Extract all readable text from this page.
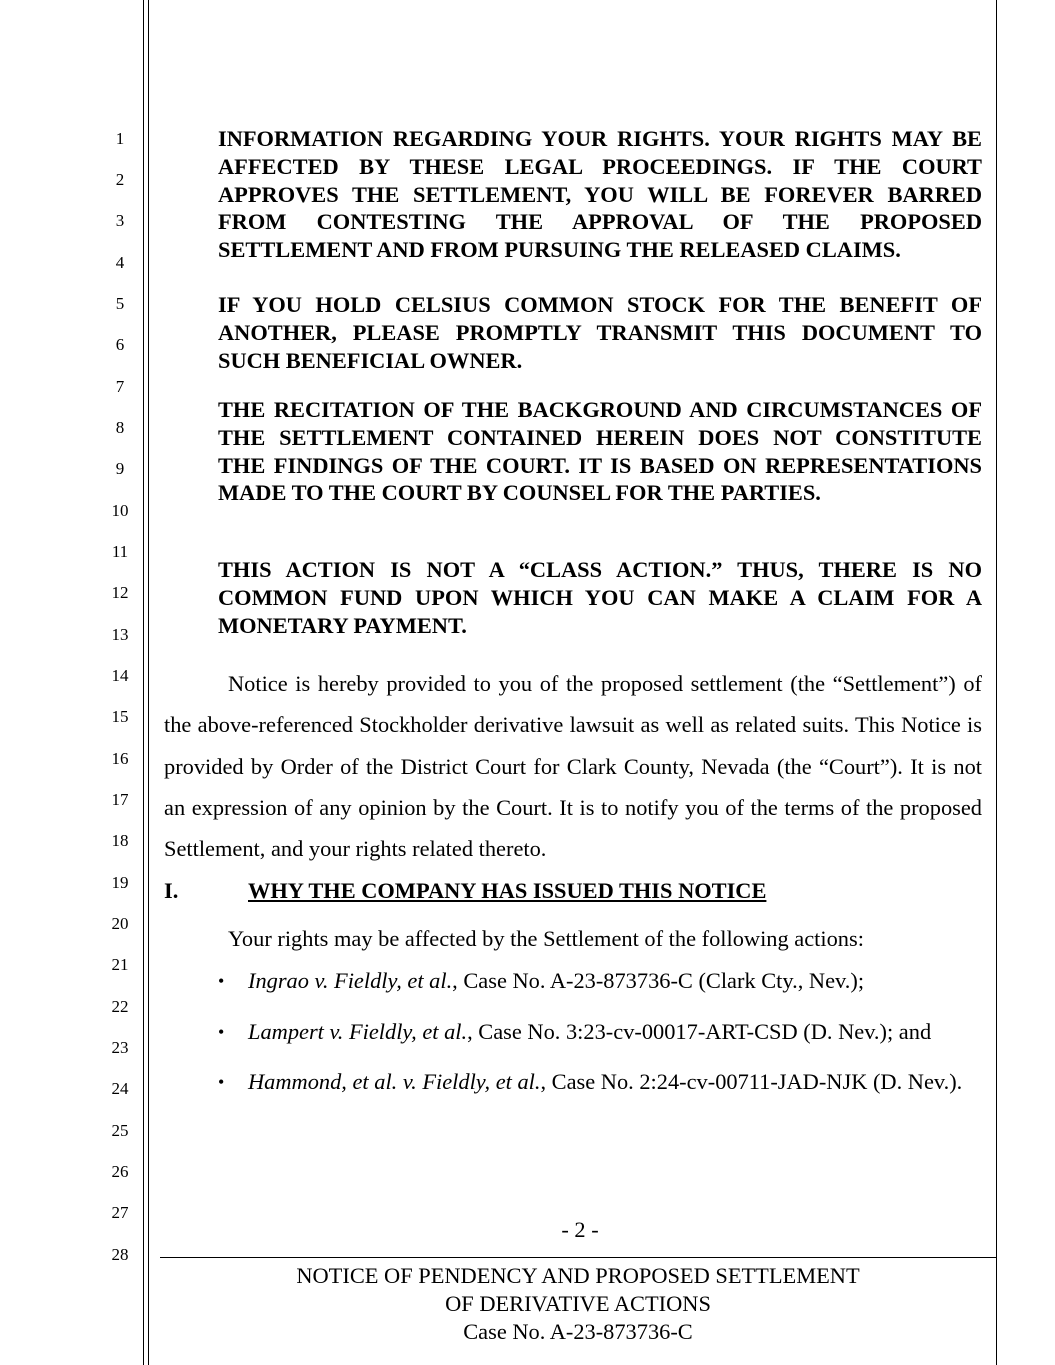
1
2
3
4
5
6
7
8
9
10
11
12
13
14
15
16
17
18
19
20
21
22
23
24
25
26
27
28

INFORMATION REGARDING YOUR RIGHTS. YOUR RIGHTS MAY BE AFFECTED BY THESE LEGAL PROCEEDINGS. IF THE COURT APPROVES THE SETTLEMENT, YOU WILL BE FOREVER BARRED FROM CONTESTING THE APPROVAL OF THE PROPOSED SETTLEMENT AND FROM PURSUING THE RELEASED CLAIMS.

IF YOU HOLD CELSIUS COMMON STOCK FOR THE BENEFIT OF ANOTHER, PLEASE PROMPTLY TRANSMIT THIS DOCUMENT TO SUCH BENEFICIAL OWNER.

THE RECITATION OF THE BACKGROUND AND CIRCUMSTANCES OF THE SETTLEMENT CONTAINED HEREIN DOES NOT CONSTITUTE THE FINDINGS OF THE COURT. IT IS BASED ON REPRESENTATIONS MADE TO THE COURT BY COUNSEL FOR THE PARTIES.

THIS ACTION IS NOT A “CLASS ACTION.” THUS, THERE IS NO COMMON FUND UPON WHICH YOU CAN MAKE A CLAIM FOR A MONETARY PAYMENT.

Notice is hereby provided to you of the proposed settlement (the “Settlement”) of the above-referenced Stockholder derivative lawsuit as well as related suits. This Notice is provided by Order of the District Court for Clark County, Nevada (the “Court”). It is not an expression of any opinion by the Court. It is to notify you of the terms of the proposed Settlement, and your rights related thereto.

I.	WHY THE COMPANY HAS ISSUED THIS NOTICE
Your rights may be affected by the Settlement of the following actions:
• Ingrao v. Fieldly, et al., Case No. A-23-873736-C (Clark Cty., Nev.);

• Lampert v. Fieldly, et al., Case No. 3:23-cv-00017-ART-CSD (D. Nev.); and

• Hammond, et al. v. Fieldly, et al., Case No. 2:24-cv-00711-JAD-NJK (D. Nev.).

- 2 -
NOTICE OF PENDENCY AND PROPOSED SETTLEMENT
OF DERIVATIVE ACTIONS
Case No. A-23-873736-C
